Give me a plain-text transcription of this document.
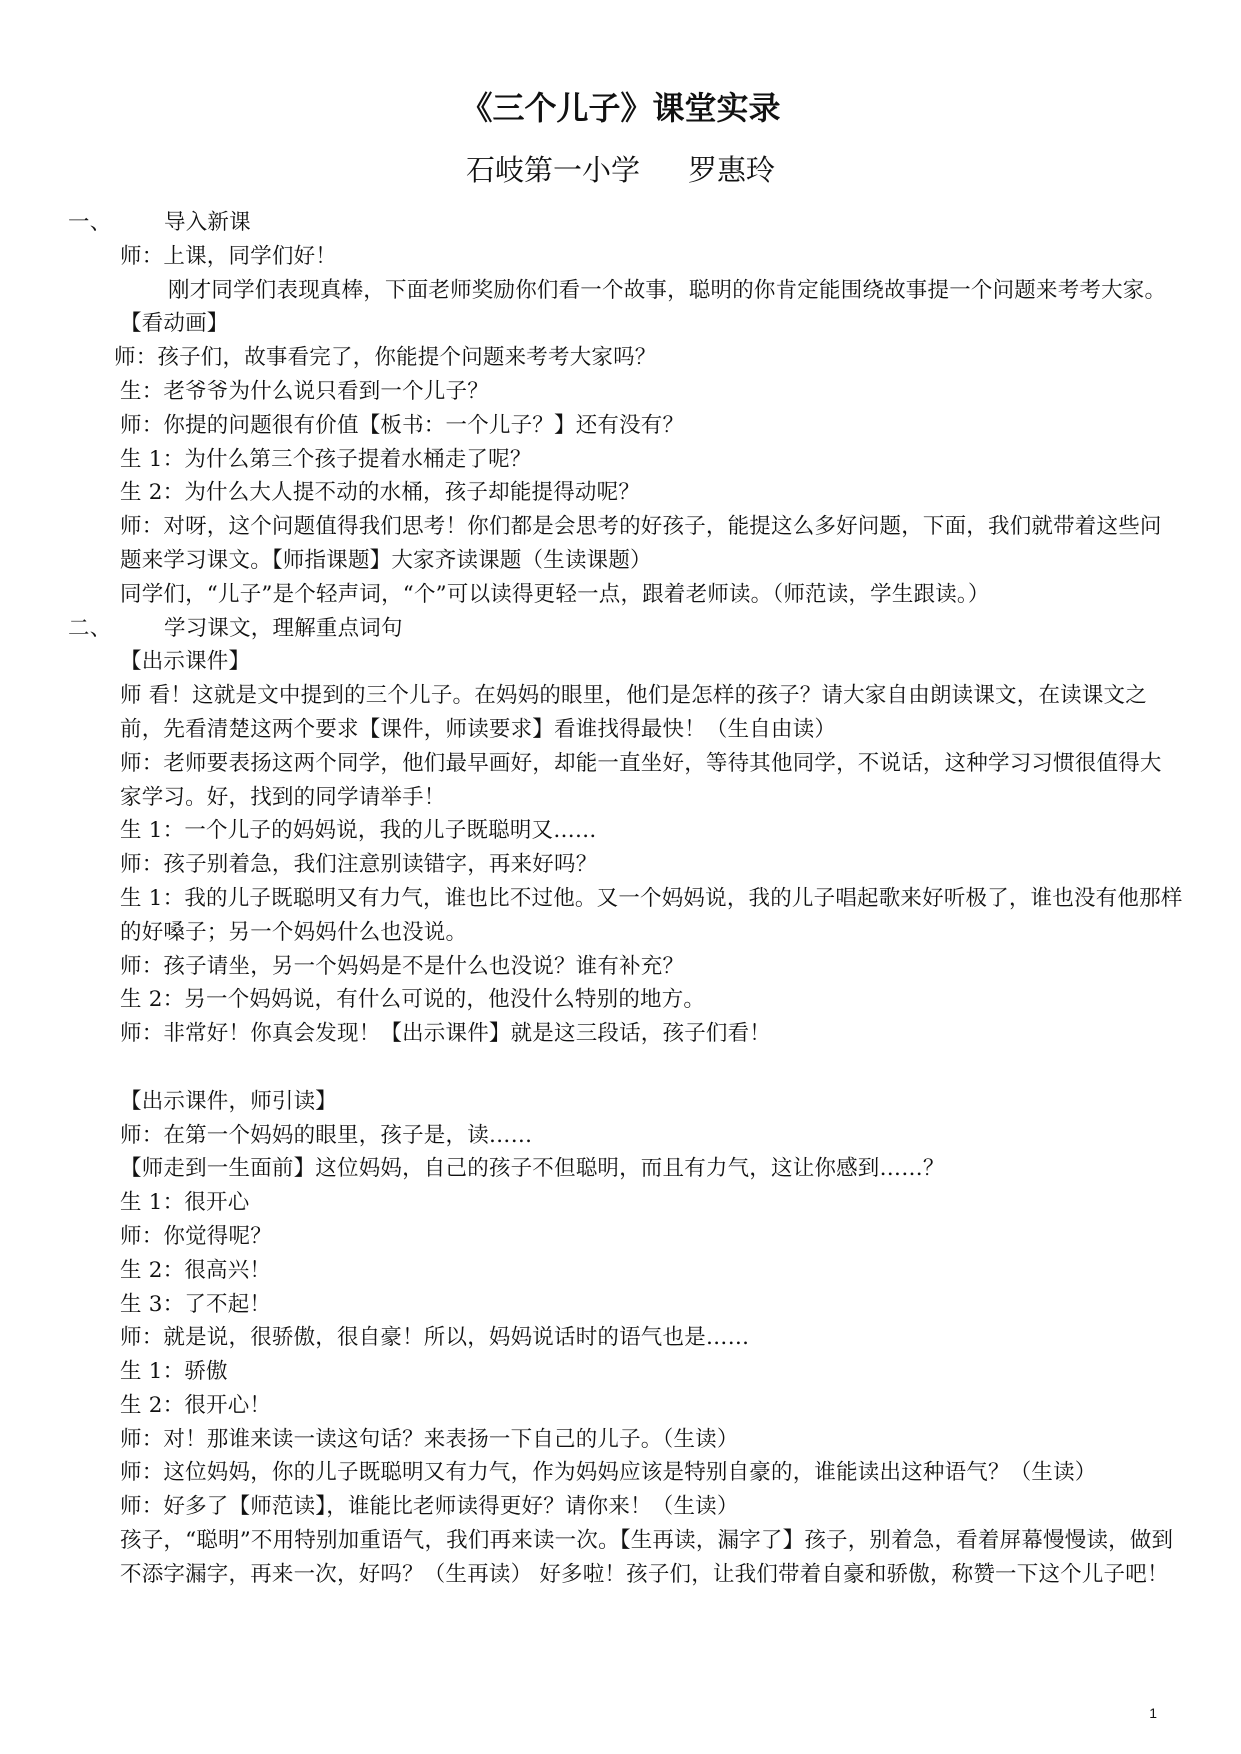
《三个儿子》课堂实录
石岐第一小学 罗惠玲

一、 导入新课

师：上课，同学们好！

刚才同学们表现真棒，下面老师奖励你们看一个故事，聪明的你肯定能围绕故事提一个问题来考考大家。【看动画】

师：孩子们，故事看完了，你能提个问题来考考大家吗？

生：老爷爷为什么说只看到一个儿子？

师：你提的问题很有价值【板书：一个儿子？】还有没有？

生 1：为什么第三个孩子提着水桶走了呢？

生 2：为什么大人提不动的水桶，孩子却能提得动呢？

师：对呀，这个问题值得我们思考！你们都是会思考的好孩子，能提这么多好问题，下面，我们就带着这些问题来学习课文。【师指课题】大家齐读课题（生读课题）

同学们，“儿子”是个轻声词，“个”可以读得更轻一点，跟着老师读。（师范读，学生跟读。）

二、 学习课文，理解重点词句

【出示课件】

师 看！这就是文中提到的三个儿子。在妈妈的眼里，他们是怎样的孩子？请大家自由朗读课文，在读课文之前，先看清楚这两个要求【课件，师读要求】看谁找得最快！（生自由读）

师：老师要表扬这两个同学，他们最早画好，却能一直坐好，等待其他同学，不说话，这种学习习惯很值得大家学习。好，找到的同学请举手！

生 1：一个儿子的妈妈说，我的儿子既聪明又……

师：孩子别着急，我们注意别读错字，再来好吗？

生 1：我的儿子既聪明又有力气，谁也比不过他。又一个妈妈说，我的儿子唱起歌来好听极了，谁也没有他那样的好嗓子；另一个妈妈什么也没说。

师：孩子请坐，另一个妈妈是不是什么也没说？谁有补充？

生 2：另一个妈妈说，有什么可说的，他没什么特别的地方。

师：非常好！你真会发现！【出示课件】就是这三段话，孩子们看！

【出示课件，师引读】

师：在第一个妈妈的眼里，孩子是，读……

【师走到一生面前】这位妈妈，自己的孩子不但聪明，而且有力气，这让你感到……？

生 1：很开心

师：你觉得呢？

生 2：很高兴！

生 3：了不起！

师：就是说，很骄傲，很自豪！所以，妈妈说话时的语气也是……

生 1：骄傲

生 2：很开心！

师：对！那谁来读一读这句话？来表扬一下自己的儿子。（生读）

师：这位妈妈，你的儿子既聪明又有力气，作为妈妈应该是特别自豪的，谁能读出这种语气？（生读）

师：好多了【师范读】，谁能比老师读得更好？请你来！（生读）

孩子，“聪明”不用特别加重语气，我们再来读一次。【生再读，漏字了】孩子，别着急，看着屏幕慢慢读，做到不添字漏字，再来一次，好吗？（生再读） 好多啦！孩子们，让我们带着自豪和骄傲，称赞一下这个儿子吧！

1
